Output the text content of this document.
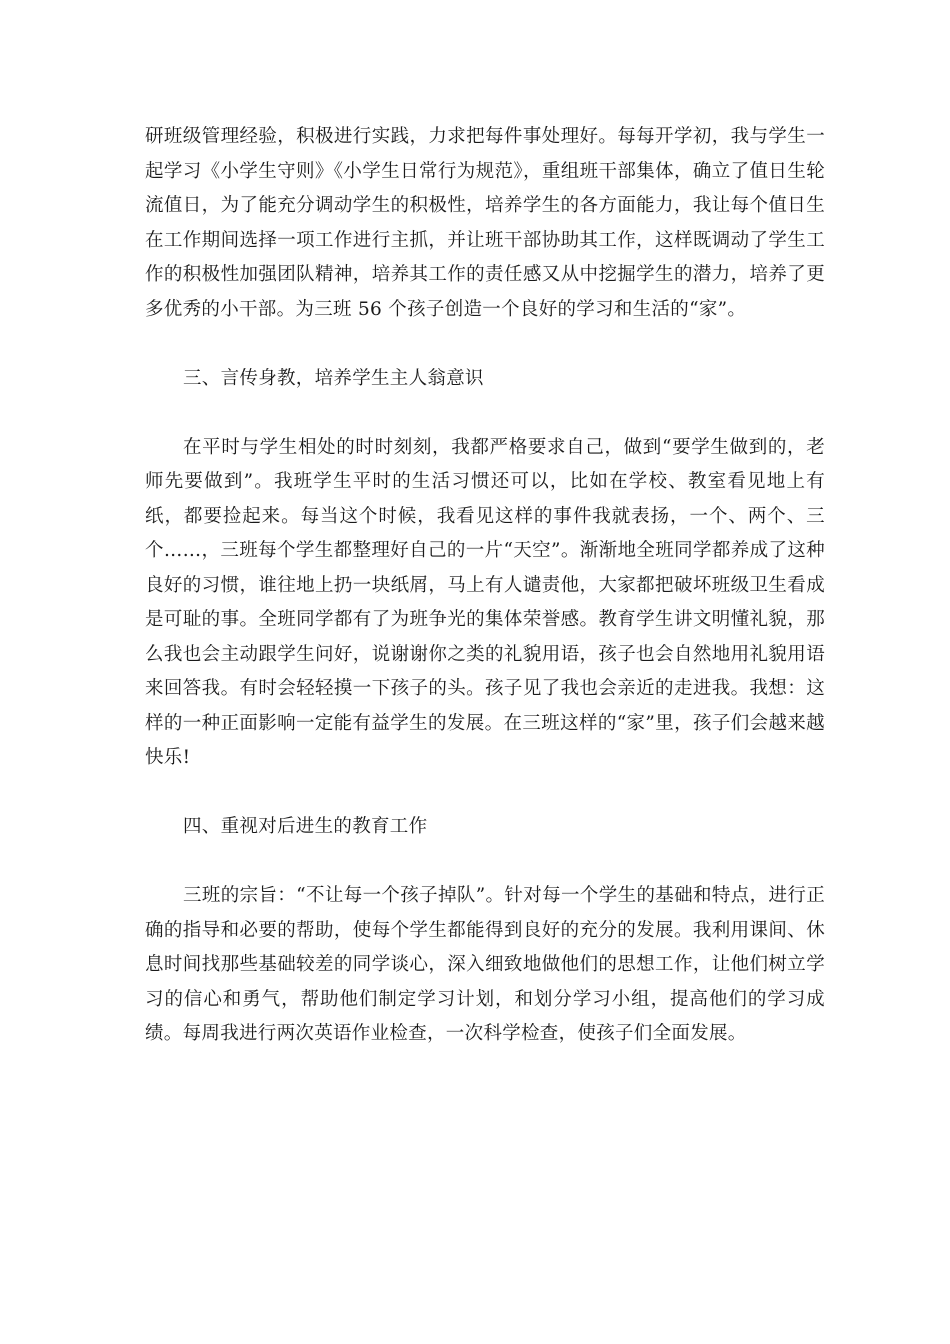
研班级管理经验，积极进行实践，力求把每件事处理好。每每开学初，我与学生一起学习《小学生守则》《小学生日常行为规范》，重组班干部集体，确立了值日生轮流值日，为了能充分调动学生的积极性，培养学生的各方面能力，我让每个值日生在工作期间选择一项工作进行主抓，并让班干部协助其工作，这样既调动了学生工作的积极性加强团队精神，培养其工作的责任感又从中挖掘学生的潜力，培养了更多优秀的小干部。为三班 56 个孩子创造一个良好的学习和生活的“家”。

三、言传身教，培养学生主人翁意识

在平时与学生相处的时时刻刻，我都严格要求自己，做到“要学生做到的，老师先要做到”。我班学生平时的生活习惯还可以，比如在学校、教室看见地上有纸，都要捡起来。每当这个时候，我看见这样的事件我就表扬，一个、两个、三个……，三班每个学生都整理好自己的一片“天空”。渐渐地全班同学都养成了这种良好的习惯，谁往地上扔一块纸屑，马上有人谴责他，大家都把破坏班级卫生看成是可耻的事。全班同学都有了为班争光的集体荣誉感。教育学生讲文明懂礼貌，那么我也会主动跟学生问好，说谢谢你之类的礼貌用语，孩子也会自然地用礼貌用语来回答我。有时会轻轻摸一下孩子的头。孩子见了我也会亲近的走进我。我想：这样的一种正面影响一定能有益学生的发展。在三班这样的“家”里，孩子们会越来越快乐!

四、重视对后进生的教育工作

三班的宗旨：“不让每一个孩子掉队”。针对每一个学生的基础和特点，进行正确的指导和必要的帮助，使每个学生都能得到良好的充分的发展。我利用课间、休息时间找那些基础较差的同学谈心，深入细致地做他们的思想工作，让他们树立学习的信心和勇气，帮助他们制定学习计划，和划分学习小组，提高他们的学习成绩。每周我进行两次英语作业检查，一次科学检查，使孩子们全面发展。
